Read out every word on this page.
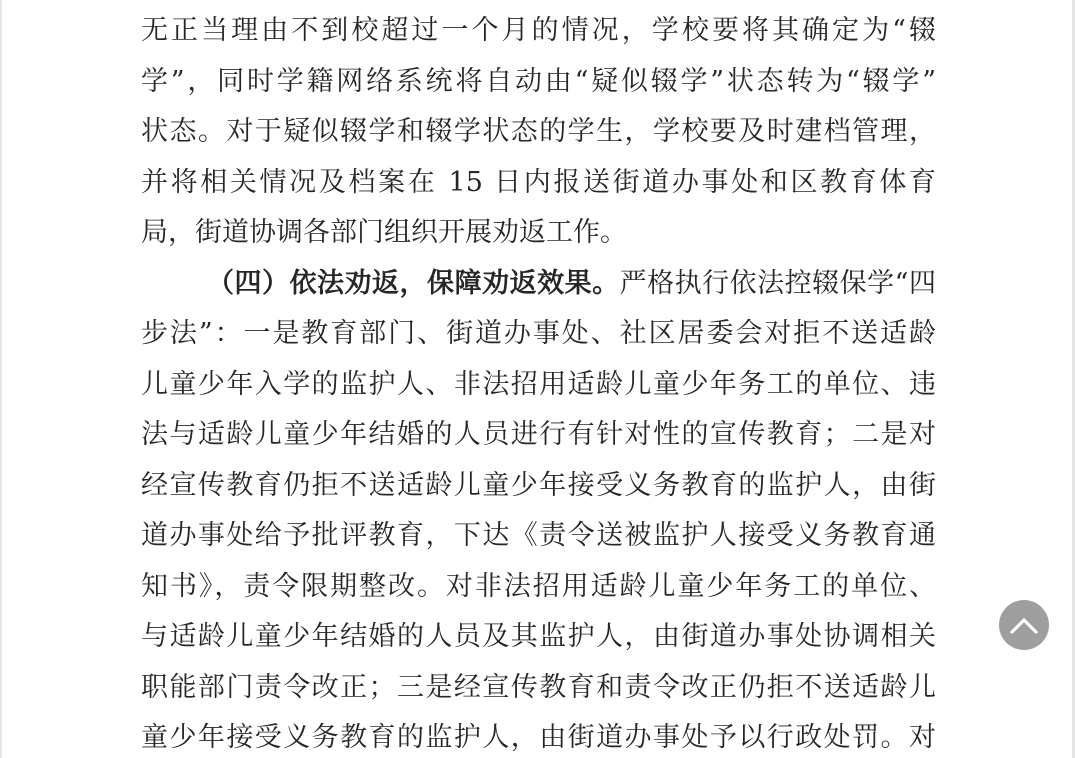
无正当理由不到校超过一个月的情况，学校要将其确定为“辍
学”，同时学籍网络系统将自动由“疑似辍学”状态转为“辍学”
状态。对于疑似辍学和辍学状态的学生，学校要及时建档管理，
并将相关情况及档案在 15 日内报送街道办事处和区教育体育
局，街道协调各部门组织开展劝返工作。
（四）依法劝返，保障劝返效果。严格执行依法控辍保学“四
步法”：一是教育部门、街道办事处、社区居委会对拒不送适龄
儿童少年入学的监护人、非法招用适龄儿童少年务工的单位、违
法与适龄儿童少年结婚的人员进行有针对性的宣传教育；二是对
经宣传教育仍拒不送适龄儿童少年接受义务教育的监护人，由街
道办事处给予批评教育，下达《责令送被监护人接受义务教育通
知书》，责令限期整改。对非法招用适龄儿童少年务工的单位、
与适龄儿童少年结婚的人员及其监护人，由街道办事处协调相关
职能部门责令改正；三是经宣传教育和责令改正仍拒不送适龄儿
童少年接受义务教育的监护人，由街道办事处予以行政处罚。对
